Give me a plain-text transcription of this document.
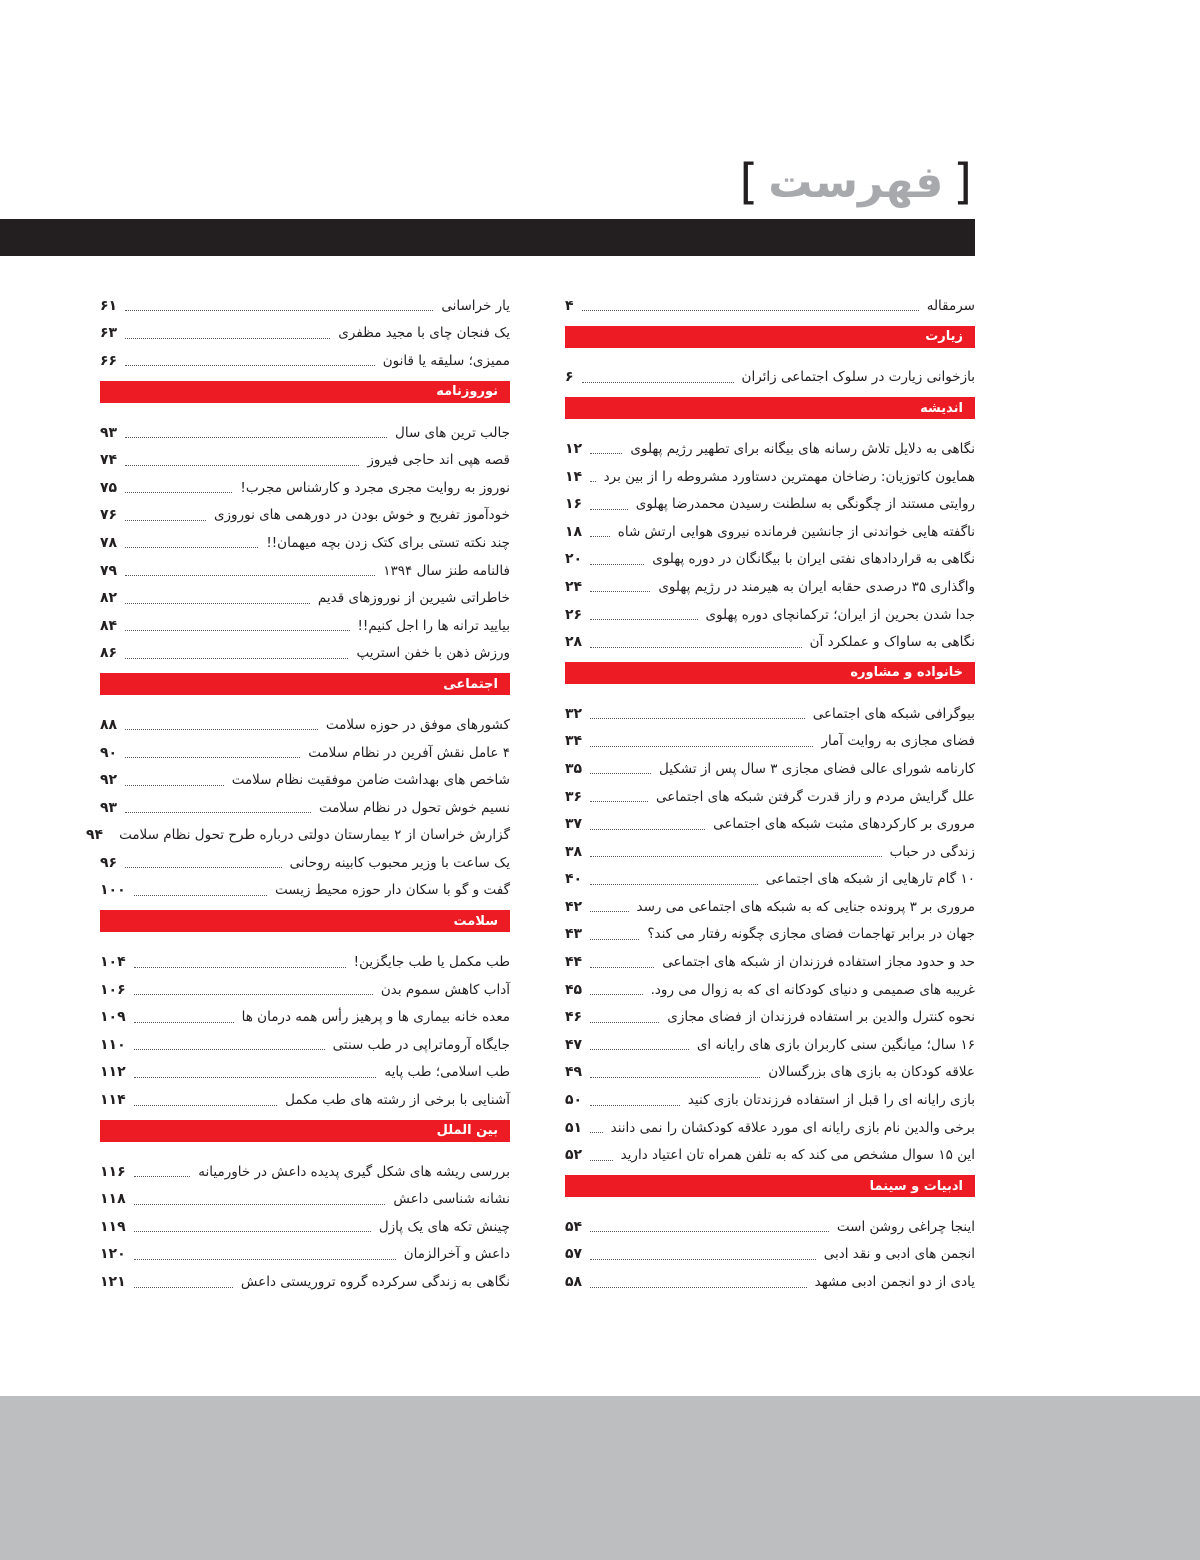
[
فهرست
]
سرمقاله
۴
زیارت
بازخوانی زیارت در سلوک اجتماعی زائران
۶
اندیشه
نگاهی به دلایل تلاش رسانه های بیگانه برای تطهیر رژیم پهلوی
۱۲
همایون کاتوزیان: رضاخان مهمترین دستاورد مشروطه را از بین برد
۱۴
روایتی مستند از چگونگی به سلطنت رسیدن محمدرضا پهلوی
۱۶
ناگفته هایی خواندنی از جانشین فرمانده نیروی هوایی ارتش شاه
۱۸
نگاهی به قراردادهای نفتی ایران با بیگانگان در دوره پهلوی
۲۰
واگذاری ۳۵ درصدی حقابه ایران به هیرمند در رژیم پهلوی
۲۴
جدا شدن بحرین از ایران؛ ترکمانچای دوره پهلوی
۲۶
نگاهی به ساواک و عملکرد آن
۲۸
خانواده و مشاوره
بیوگرافی شبکه های اجتماعی
۳۲
فضای مجازی به روایت آمار
۳۴
کارنامه شورای عالی فضای مجازی ۳ سال پس از تشکیل
۳۵
علل گرایش مردم و راز قدرت گرفتن شبکه های اجتماعی
۳۶
مروری بر کارکردهای مثبت شبکه های اجتماعی
۳۷
زندگی در حباب
۳۸
۱۰ گام تارهایی از شبکه های اجتماعی
۴۰
مروری بر ۳ پرونده جنایی که به شبکه های اجتماعی می رسد
۴۲
جهان در برابر تهاجمات فضای مجازی چگونه رفتار می کند؟
۴۳
حد و حدود مجاز استفاده فرزندان از شبکه های اجتماعی
۴۴
غریبه های صمیمی و دنیای کودکانه ای که به زوال می رود.
۴۵
نحوه کنترل والدین بر استفاده فرزندان از فضای مجازی
۴۶
۱۶ سال؛ میانگین سنی کاربران بازی های رایانه ای
۴۷
علاقه کودکان به بازی های بزرگسالان
۴۹
بازی رایانه ای را قبل از استفاده فرزندتان بازی کنید
۵۰
برخی والدین نام بازی رایانه ای مورد علاقه کودکشان را نمی دانند
۵۱
این ۱۵ سوال مشخص می کند که به تلفن همراه تان اعتیاد دارید
۵۲
ادبیات و سینما
اینجا چراغی روشن است
۵۴
انجمن های ادبی و نقد ادبی
۵۷
یادی از دو انجمن ادبی مشهد
۵۸
یار خراسانی
۶۱
یک فنجان چای با مجید مظفری
۶۳
ممیزی؛ سلیقه یا قانون
۶۶
نوروزنامه
جالب ترین های سال
۹۳
قصه هپی اند حاجی فیروز
۷۴
نوروز به روایت مجری مجرد و کارشناس مجرب!
۷۵
خودآموز تفریح و خوش بودن در دورهمی های نوروزی
۷۶
چند نکته تستی برای کتک زدن بچه میهمان!!
۷۸
فالنامه طنز سال ۱۳۹۴
۷۹
خاطراتی شیرین از نوروزهای قدیم
۸۲
بیایید ترانه ها را اجل کنیم!!
۸۴
ورزش ذهن با خفن استریپ
۸۶
اجتماعی
کشورهای موفق در حوزه سلامت
۸۸
۴ عامل نقش آفرین در نظام سلامت
۹۰
شاخص های بهداشت ضامن موفقیت نظام سلامت
۹۲
نسیم خوش تحول در نظام سلامت
۹۳
گزارش خراسان از ۲ بیمارستان دولتی درباره طرح تحول نظام سلامت
۹۴
یک ساعت با وزیر محبوب کابینه روحانی
۹۶
گفت و گو با سکان دار حوزه محیط زیست
۱۰۰
سلامت
طب مکمل یا طب جایگزین!
۱۰۴
آداب کاهش سموم بدن
۱۰۶
معده خانه بیماری ها و پرهیز رأس همه درمان ها
۱۰۹
جایگاه آروماتراپی در طب سنتی
۱۱۰
طب اسلامی؛ طب پایه
۱۱۲
آشنایی با برخی از رشته های طب مکمل
۱۱۴
بین الملل
بررسی ریشه های شکل گیری پدیده داعش در خاورمیانه
۱۱۶
نشانه شناسی داعش
۱۱۸
چینش تکه های یک پازل
۱۱۹
داعش و آخرالزمان
۱۲۰
نگاهی به زندگی سرکرده گروه تروریستی داعش
۱۲۱
